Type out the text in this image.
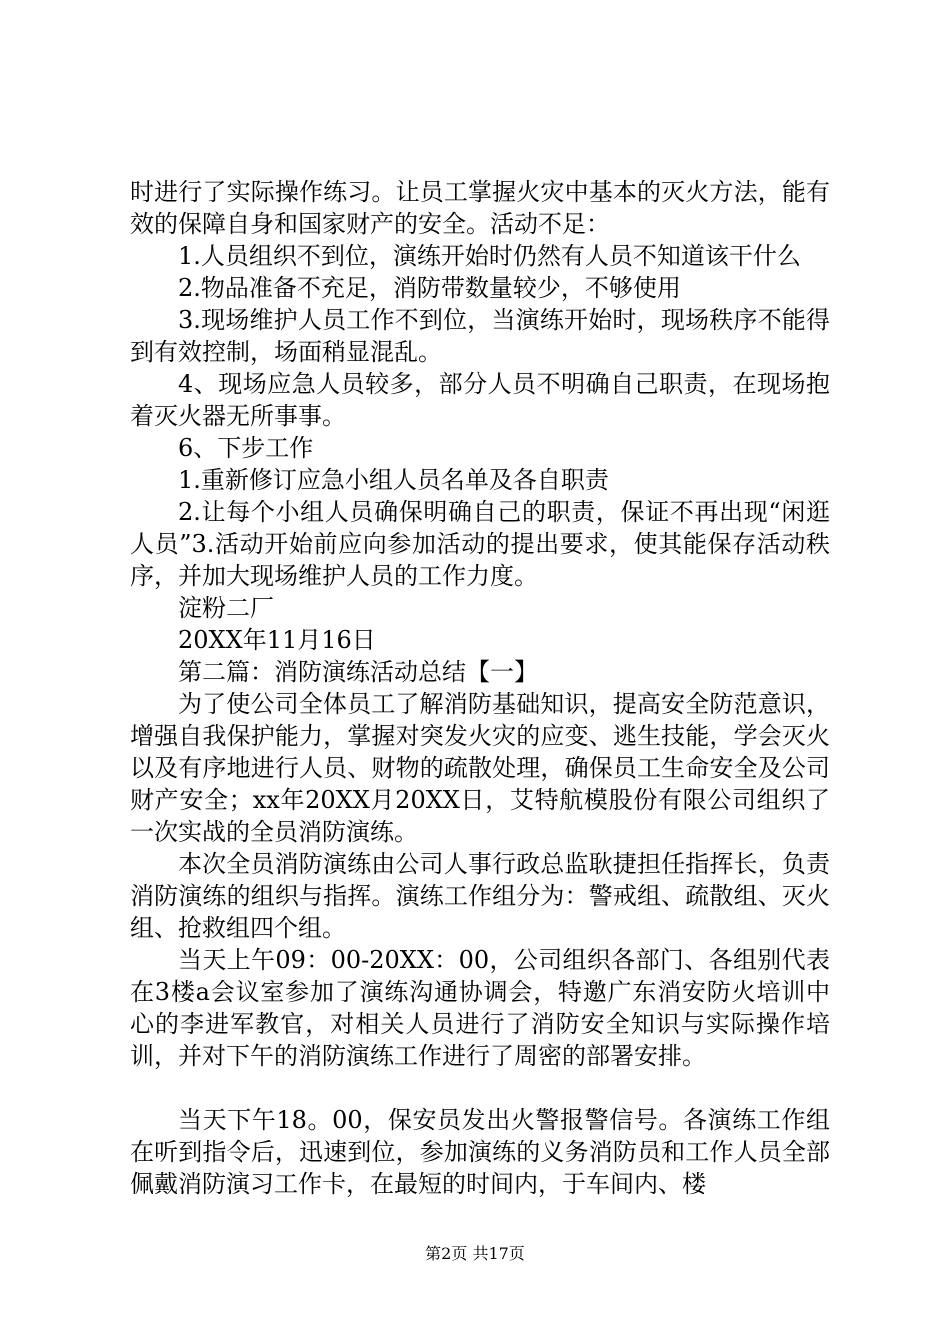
时进行了实际操作练习。让员工掌握火灾中基本的灭火方法，能有效的保障自身和国家财产的安全。活动不足：

1.人员组织不到位，演练开始时仍然有人员不知道该干什么

2.物品准备不充足，消防带数量较少，不够使用

3.现场维护人员工作不到位，当演练开始时，现场秩序不能得到有效控制，场面稍显混乱。

4、现场应急人员较多，部分人员不明确自己职责，在现场抱着灭火器无所事事。

6、下步工作

1.重新修订应急小组人员名单及各自职责

2.让每个小组人员确保明确自己的职责，保证不再出现“闲逛人员”3.活动开始前应向参加活动的提出要求，使其能保存活动秩序，并加大现场维护人员的工作力度。

淀粉二厂

20XX年11月16日

第二篇：消防演练活动总结【一】

为了使公司全体员工了解消防基础知识，提高安全防范意识，增强自我保护能力，掌握对突发火灾的应变、逃生技能，学会灭火以及有序地进行人员、财物的疏散处理，确保员工生命安全及公司财产安全；xx年20XX月20XX日，艾特航模股份有限公司组织了一次实战的全员消防演练。

本次全员消防演练由公司人事行政总监耿捷担任指挥长，负责消防演练的组织与指挥。演练工作组分为：警戒组、疏散组、灭火组、抢救组四个组。

当天上午09：00-20XX：00，公司组织各部门、各组别代表在3楼a会议室参加了演练沟通协调会，特邀广东消安防火培训中心的李进军教官，对相关人员进行了消防安全知识与实际操作培训，并对下午的消防演练工作进行了周密的部署安排。

当天下午18。00，保安员发出火警报警信号。各演练工作组在听到指令后，迅速到位，参加演练的义务消防员和工作人员全部佩戴消防演习工作卡，在最短的时间内，于车间内、楼

第2页 共17页
